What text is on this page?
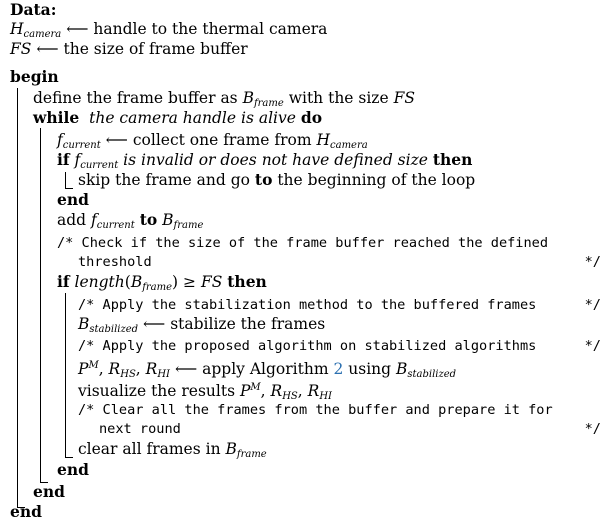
Data:
$H_{camera}$ ⟵ handle to the thermal camera
FS ⟵ the size of frame buffer
begin
define the frame buffer as $B_{frame}$ with the size FS
while the camera handle is alive do
$f_{current}$ ⟵ collect one frame from $H_{camera}$
if $f_{current}$ is invalid or does not have defined size then
skip the frame and go to the beginning of the loop
end
add $f_{current}$ to $B_{frame}$
/* Check if the size of the frame buffer reached the defined
threshold	*/
if $length(B_{frame})$ ≥ FS then
/* Apply the stabilization method to the buffered frames	*/
$B_{stabilized}$ ⟵ stabilize the frames
/* Apply the proposed algorithm on stabilized algorithms	*/
$P^M$, $R_{HS}$, $R_{HI}$ ⟵ apply Algorithm 2 using $B_{stabilized}$
visualize the results $P^M$, $R_{HS}$, $R_{HI}$
/* Clear all the frames from the buffer and prepare it for
next round	*/
clear all frames in $B_{frame}$
end
end
end
